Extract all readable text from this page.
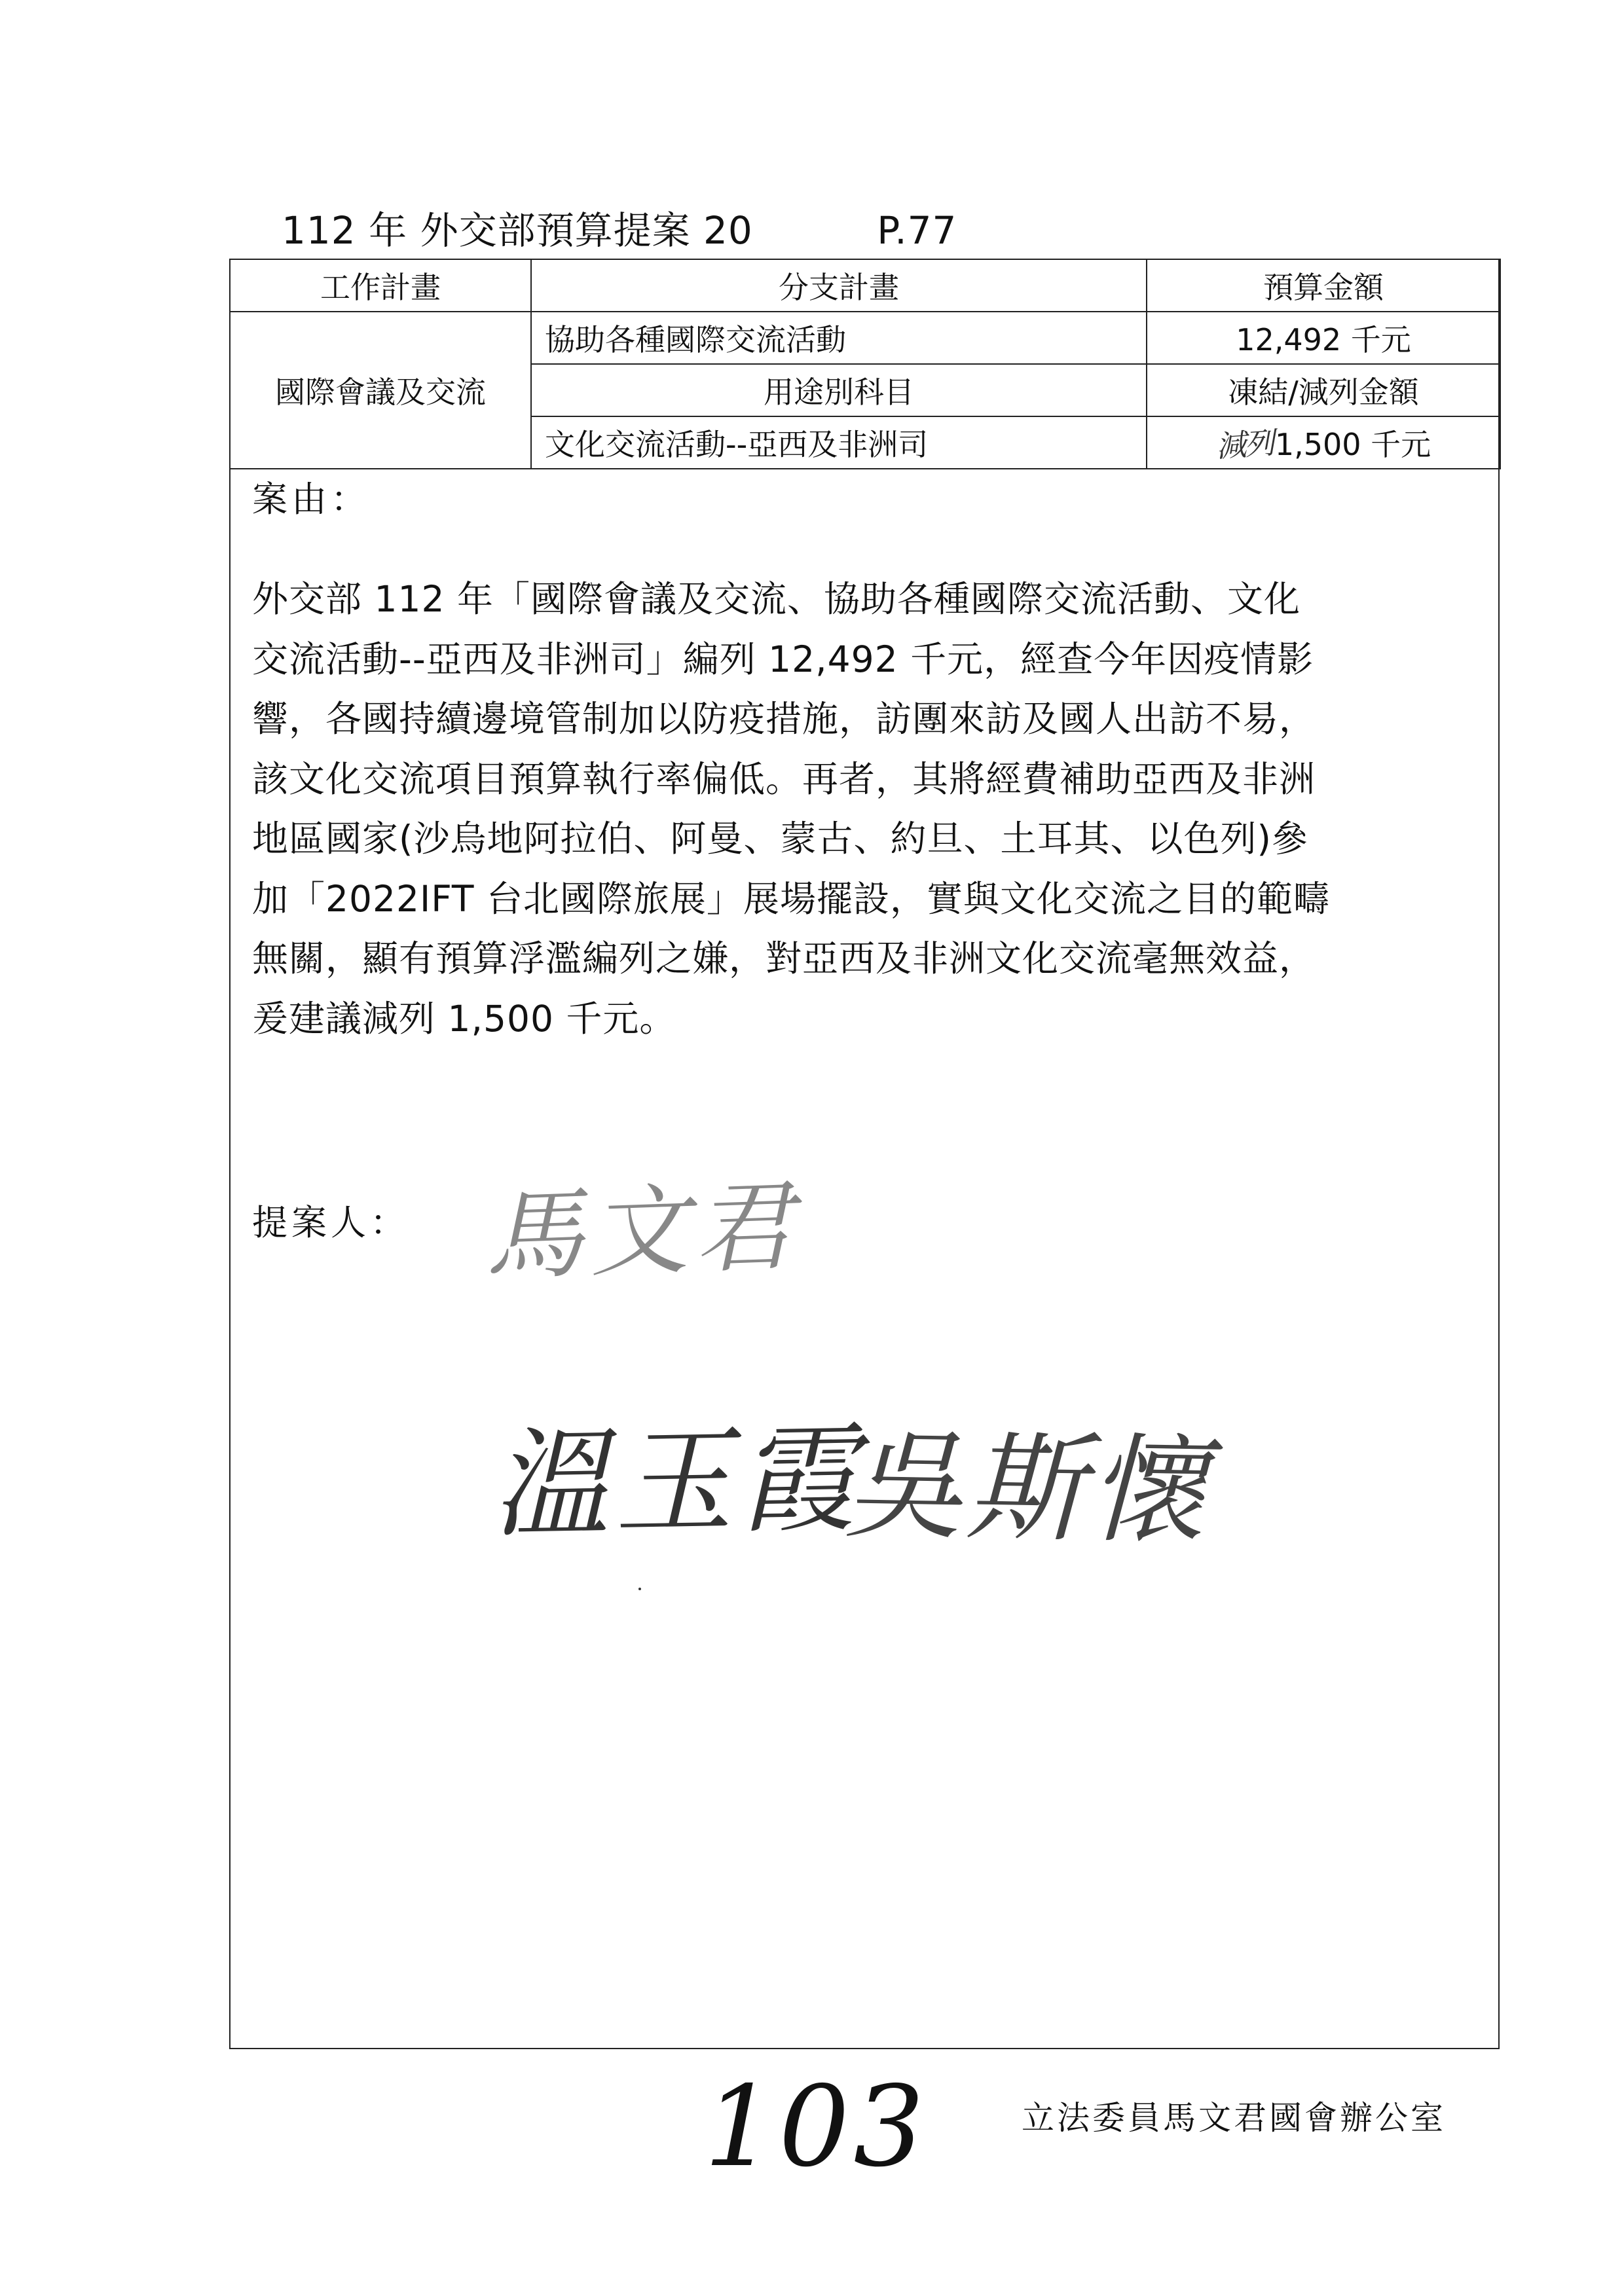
112 年 外交部預算提案 20	P.77
工作計畫	分支計畫	預算金額
國際會議及交流	協助各種國際交流活動	12,492 千元
	用途別科目	凍結/減列金額
	文化交流活動--亞西及非洲司	減列1,500 千元
案由：
外交部 112 年「國際會議及交流、協助各種國際交流活動、文化
交流活動--亞西及非洲司」編列 12,492 千元，經查今年因疫情影
響，各國持續邊境管制加以防疫措施，訪團來訪及國人出訪不易，
該文化交流項目預算執行率偏低。再者，其將經費補助亞西及非洲
地區國家(沙烏地阿拉伯、阿曼、蒙古、約旦、土耳其、以色列)參
加「2022IFT 台北國際旅展」展場擺設，實與文化交流之目的範疇
無關，顯有預算浮濫編列之嫌，對亞西及非洲文化交流毫無效益，
爰建議減列 1,500 千元。
提案人： 馬文君
溫玉霞
吳斯懷
103	立法委員馬文君國會辦公室
